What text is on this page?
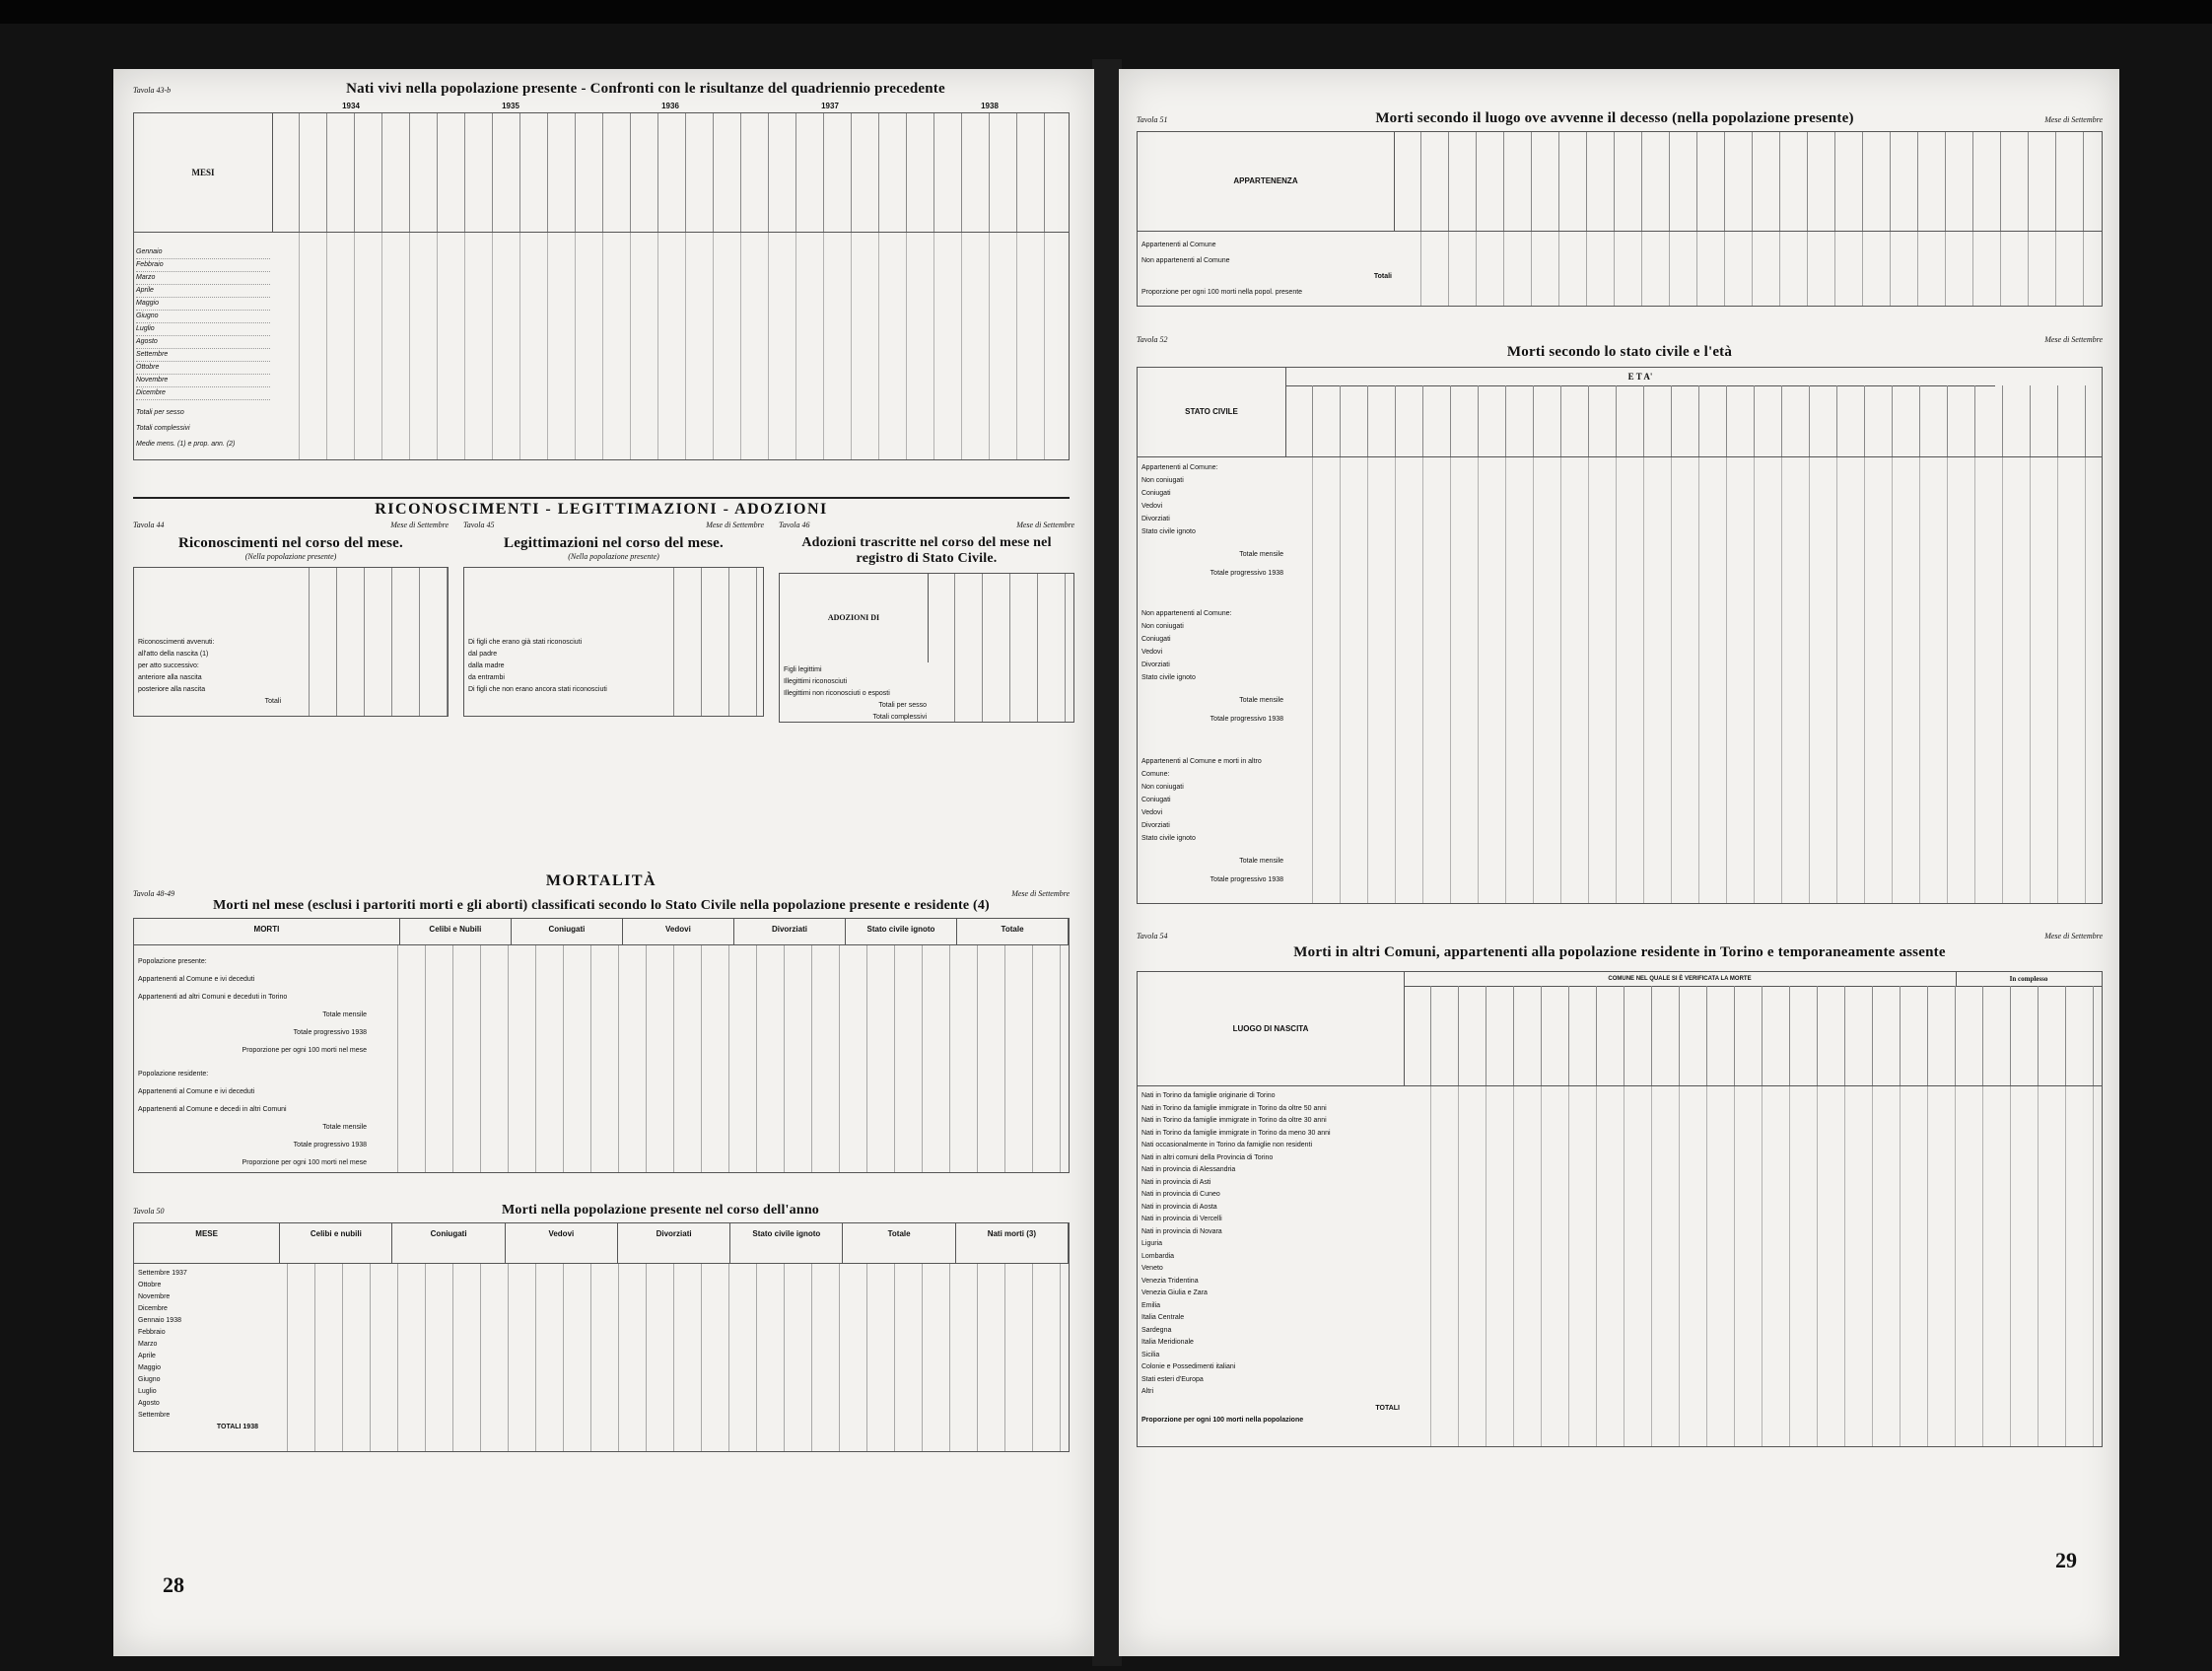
Tavola 43-b	Nati vivi nella popolazione presente - Confronti con le risultanze del quadriennio precedente
1934	1935	1936	1937	1938
MESI
Gennaio
Febbraio
Marzo
Aprile
Maggio
Giugno
Luglio
Agosto
Settembre
Ottobre
Novembre
Dicembre
Totali per sesso
Totali complessivi
Medie mens. (1) e prop. ann. (2)
RICONOSCIMENTI - LEGITTIMAZIONI - ADOZIONI
Tavola 44	Mese di Settembre
Riconoscimenti nel corso del mese.
(Nella popolazione presente)
Riconoscimenti avvenuti:
all'atto della nascita (1)
per atto successivo:
anteriore alla nascita
posteriore alla nascita
Totali
Tavola 45	Mese di Settembre
Legittimazioni nel corso del mese.
(Nella popolazione presente)
Di figli che erano già stati riconosciuti
dal padre
dalla madre
da entrambi
Di figli che non erano ancora stati riconosciuti
Tavola 46	Mese di Settembre
Adozioni trascritte nel corso del mese nel registro di Stato Civile.
ADOZIONI DI
Figli legittimi
Illegittimi riconosciuti
Illegittimi non riconosciuti o esposti
Totali per sesso
Totali complessivi
MORTALITÀ
Tavola 48-49	Mese di Settembre
Morti nel mese (esclusi i partoriti morti e gli aborti) classificati secondo lo Stato Civile nella popolazione presente e residente (4)
MORTI	Celibi e Nubili	Coniugati	Vedovi	Divorziati	Stato civile ignoto	Totale
Popolazione presente:
Appartenenti al Comune e ivi deceduti
Appartenenti ad altri Comuni e deceduti in Torino
Totale mensile
Totale progressivo 1938
Proporzione per ogni 100 morti nel mese
Popolazione residente:
Appartenenti al Comune e ivi deceduti
Appartenenti al Comune e decedi in altri Comuni
Totale mensile
Totale progressivo 1938
Proporzione per ogni 100 morti nel mese
Tavola 50	Morti nella popolazione presente nel corso dell'anno
MESE	Celibi e nubili	Coniugati	Vedovi	Divorziati	Stato civile ignoto	Totale	Nati morti (3)
Settembre 1937
Ottobre
Novembre
Dicembre
Gennaio 1938
Febbraio
Marzo
Aprile
Maggio
Giugno
Luglio
Agosto
Settembre
TOTALI 1938
28
Tavola 51	Morti secondo il luogo ove avvenne il decesso (nella popolazione presente)	Mese di Settembre
APPARTENENZA
Appartenenti al Comune
Non appartenenti al Comune
Totali
Proporzione per ogni 100 morti nella popol. presente
Tavola 52	Mese di Settembre
Morti secondo lo stato civile e l'età
STATO CIVILE
E T A'
Appartenenti al Comune:
Non coniugati
Coniugati
Vedovi
Divorziati
Stato civile ignoto
Totale mensile
Totale progressivo 1938
Non appartenenti al Comune:
Non coniugati
Coniugati
Vedovi
Divorziati
Stato civile ignoto
Totale mensile
Totale progressivo 1938
Appartenenti al Comune e morti in altro Comune:
Non coniugati
Coniugati
Vedovi
Divorziati
Stato civile ignoto
Totale mensile
Totale progressivo 1938
Tavola 54	Mese di Settembre
Morti in altri Comuni, appartenenti alla popolazione residente in Torino e temporaneamente assente
LUOGO DI NASCITA
COMUNE NEL QUALE SI È VERIFICATA LA MORTE	In complesso
Nati in Torino da famiglie originarie di Torino
Nati in Torino da famiglie immigrate in Torino da oltre 50 anni
Nati in Torino da famiglie immigrate in Torino da oltre 30 anni
Nati in Torino da famiglie immigrate in Torino da meno 30 anni
Nati occasionalmente in Torino da famiglie non residenti
Nati in altri comuni della Provincia di Torino
Nati in provincia di Alessandria
Nati in provincia di Asti
Nati in provincia di Cuneo
Nati in provincia di Aosta
Nati in provincia di Vercelli
Nati in provincia di Novara
Liguria
Lombardia
Veneto
Venezia Tridentina
Venezia Giulia e Zara
Emilia
Italia Centrale
Sardegna
Italia Meridionale
Sicilia
Colonie e Possedimenti italiani
Stati esteri d'Europa
Altri
TOTALI
Proporzione per ogni 100 morti nella popolazione
29
